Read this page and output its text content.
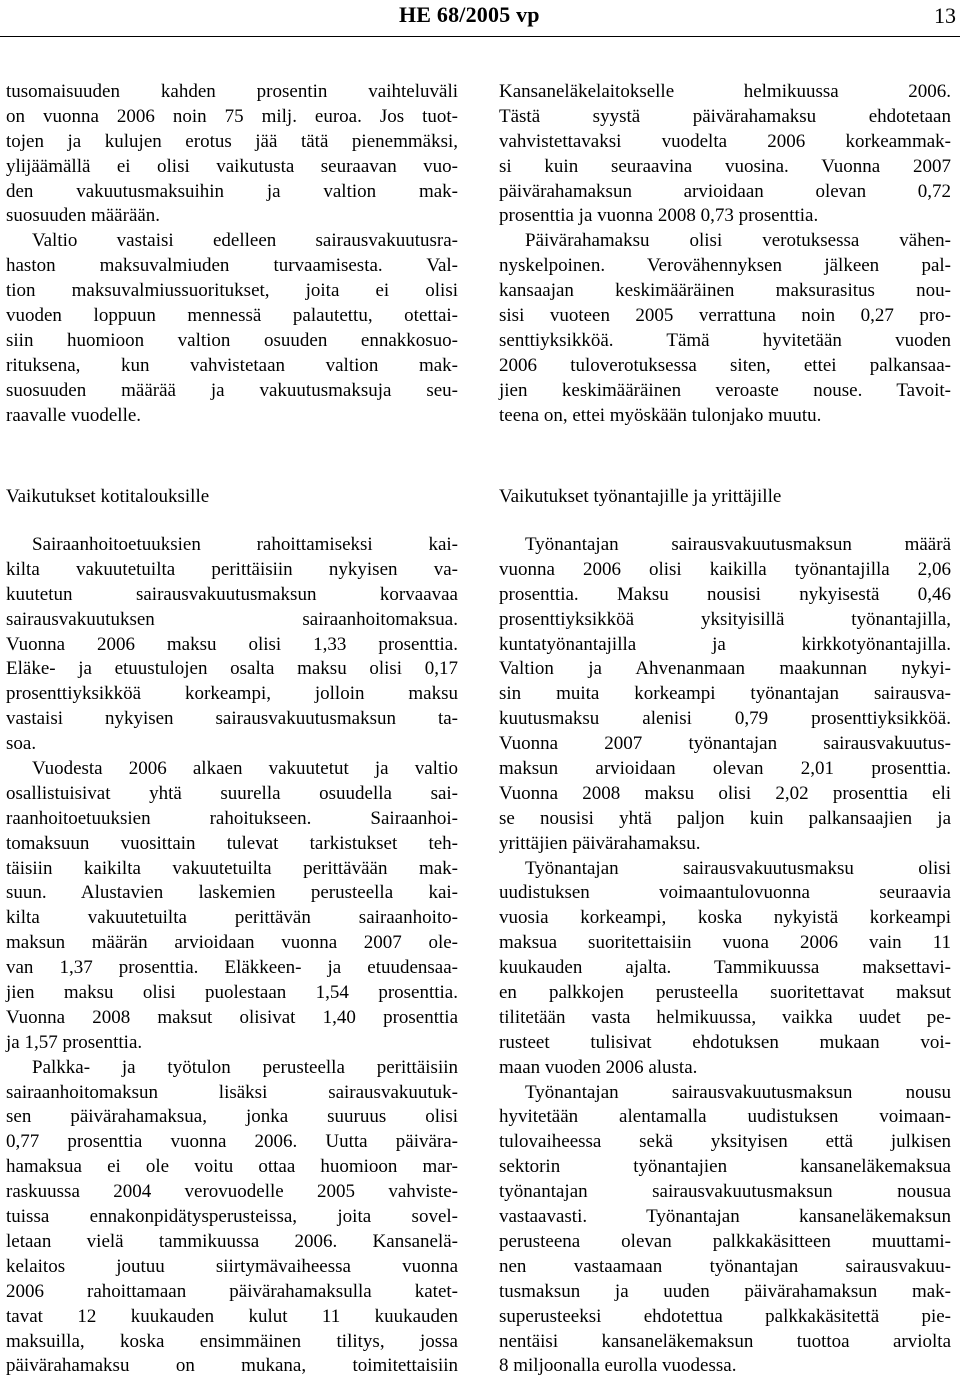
HE 68/2005 vp	13
tusomaisuuden kahden prosentin vaihteluväli
on vuonna 2006 noin 75 milj. euroa. Jos tuot-
tojen ja kulujen erotus jää tätä pienemmäksi,
ylijäämällä ei olisi vaikutusta seuraavan vuo-
den vakuutusmaksuihin ja valtion mak-
suosuuden määrään.
Valtio vastaisi edelleen sairausvakuutusra-
haston maksuvalmiuden turvaamisesta. Val-
tion maksuvalmiussuoritukset, joita ei olisi
vuoden loppuun mennessä palautettu, otettai-
siin huomioon valtion osuuden ennakkosuo-
rituksena, kun vahvistetaan valtion mak-
suosuuden määrää ja vakuutusmaksuja seu-
raavalle vuodelle.
Kansaneläkelaitokselle helmikuussa 2006.
Tästä syystä päivärahamaksu ehdotetaan
vahvistettavaksi vuodelta 2006 korkeammak-
si kuin seuraavina vuosina. Vuonna 2007
päivärahamaksun arvioidaan olevan 0,72
prosenttia ja vuonna 2008 0,73 prosenttia.
Päivärahamaksu olisi verotuksessa vähen-
nyskelpoinen. Verovähennyksen jälkeen pal-
kansaajan keskimääräinen maksurasitus nou-
sisi vuoteen 2005 verrattuna noin 0,27 pro-
senttiyksikköä. Tämä hyvitetään vuoden
2006 tuloverotuksessa siten, ettei palkansaa-
jien keskimääräinen veroaste nouse. Tavoit-
teena on, ettei myöskään tulonjako muutu.
Vaikutukset kotitalouksille	Vaikutukset työnantajille ja yrittäjille
Sairaanhoitoetuuksien rahoittamiseksi kai-
kilta vakuutetuilta perittäisiin nykyisen va-
kuutetun sairausvakuutusmaksun korvaavaa
sairausvakuutuksen sairaanhoitomaksua.
Vuonna 2006 maksu olisi 1,33 prosenttia.
Eläke- ja etuustulojen osalta maksu olisi 0,17
prosenttiyksikköä korkeampi, jolloin maksu
vastaisi nykyisen sairausvakuutusmaksun ta-
soa.
Vuodesta 2006 alkaen vakuutetut ja valtio
osallistuisivat yhtä suurella osuudella sai-
raanhoitoetuuksien rahoitukseen. Sairaanhoi-
tomaksuun vuosittain tulevat tarkistukset teh-
täisiin kaikilta vakuutetuilta perittävään mak-
suun. Alustavien laskemien perusteella kai-
kilta vakuutetuilta perittävän sairaanhoito-
maksun määrän arvioidaan vuonna 2007 ole-
van 1,37 prosenttia. Eläkkeen- ja etuudensaa-
jien maksu olisi puolestaan 1,54 prosenttia.
Vuonna 2008 maksut olisivat 1,40 prosenttia
ja 1,57 prosenttia.
Palkka- ja työtulon perusteella perittäisiin
sairaanhoitomaksun lisäksi sairausvakuutuk-
sen päivärahamaksua, jonka suuruus olisi
0,77 prosenttia vuonna 2006. Uutta päivära-
hamaksua ei ole voitu ottaa huomioon mar-
raskuussa 2004 verovuodelle 2005 vahviste-
tuissa ennakonpidätysperusteissa, joita sovel-
letaan vielä tammikuussa 2006. Kansanelä-
kelaitos joutuu siirtymävaiheessa vuonna
2006 rahoittamaan päivärahamaksulla katet-
tavat 12 kuukauden kulut 11 kuukauden
maksuilla, koska ensimmäinen tilitys, jossa
päivärahamaksu on mukana, toimitettaisiin
Työnantajan sairausvakuutusmaksun määrä
vuonna 2006 olisi kaikilla työnantajilla 2,06
prosenttia. Maksu nousisi nykyisestä 0,46
prosenttiyksikköä yksityisillä työnantajilla,
kuntatyönantajilla ja kirkkotyönantajilla.
Valtion ja Ahvenanmaan maakunnan nykyi-
sin muita korkeampi työnantajan sairausva-
kuutusmaksu alenisi 0,79 prosenttiyksikköä.
Vuonna 2007 työnantajan sairausvakuutus-
maksun arvioidaan olevan 2,01 prosenttia.
Vuonna 2008 maksu olisi 2,02 prosenttia eli
se nousisi yhtä paljon kuin palkansaajien ja
yrittäjien päivärahamaksu.
Työnantajan sairausvakuutusmaksu olisi
uudistuksen voimaantulovuonna seuraavia
vuosia korkeampi, koska nykyistä korkeampi
maksua suoritettaisiin vuona 2006 vain 11
kuukauden ajalta. Tammikuussa maksettavi-
en palkkojen perusteella suoritettavat maksut
tilitetään vasta helmikuussa, vaikka uudet pe-
rusteet tulisivat ehdotuksen mukaan voi-
maan vuoden 2006 alusta.
Työnantajan sairausvakuutusmaksun nousu
hyvitetään alentamalla uudistuksen voimaan-
tulovaiheessa sekä yksityisen että julkisen
sektorin työnantajien kansaneläkemaksua
työnantajan sairausvakuutusmaksun nousua
vastaavasti. Työnantajan kansaneläkemaksun
perusteena olevan palkkakäsitteen muuttami-
nen vastaamaan työnantajan sairausvakuu-
tusmaksun ja uuden päivärahamaksun mak-
superusteeksi ehdotettua palkkakäsitettä pie-
nentäisi kansaneläkemaksun tuottoa arviolta
8 miljoonalla eurolla vuodessa.
